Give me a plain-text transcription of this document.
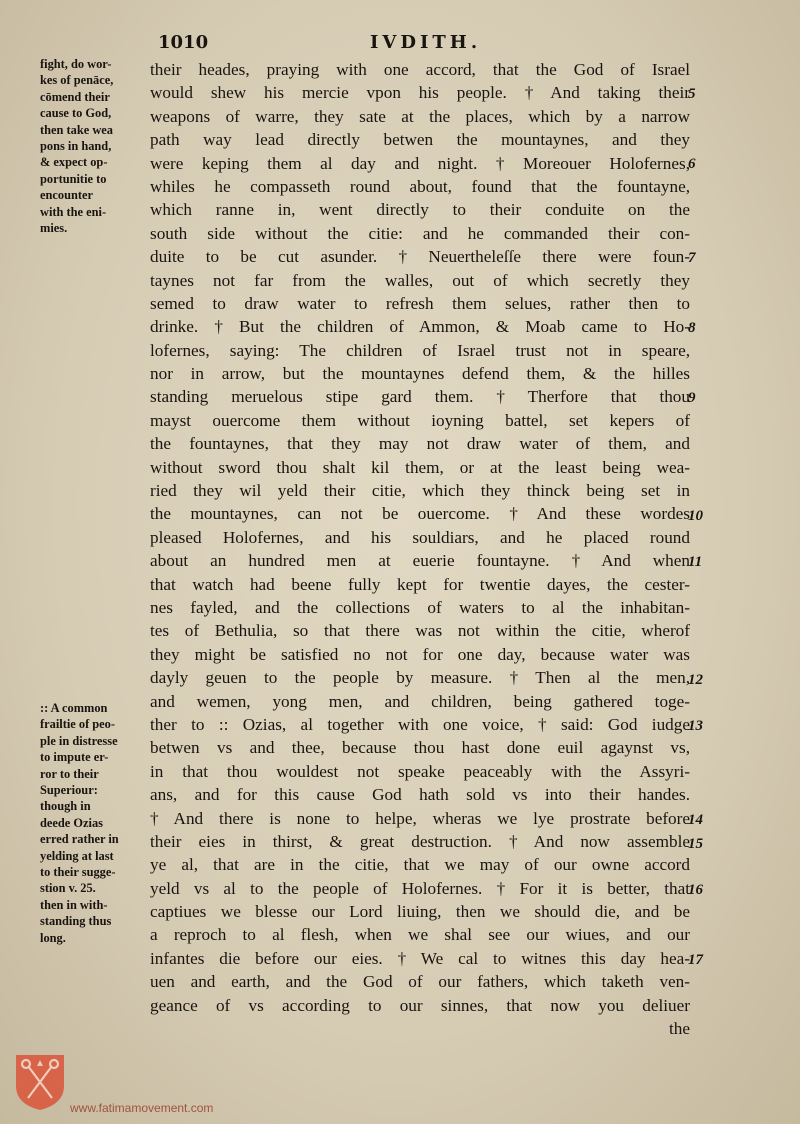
1010	IVDITH.
fight, do wor-
kes of penāce,
cōmend their
cause to God,
then take wea
pons in hand,
& expect op-
portunitie to
encounter
with the eni-
mies.
:: A common
frailtie of peo-
ple in distresse
to impute er-
ror to their
Superiour:
though in
deede Ozias
erred rather in
yelding at last
to their sugge-
stion v. 25.
then in with-
standing thus
long.
their heades, praying with one accord, that the God of Israel
would shew his mercie vpon his people. † And taking their
weapons of warre, they sate at the places, which by a narrow
path way lead directly betwen the mountaynes, and they
were keping them al day and night. † Moreouer Holofernes,
whiles he compasseth round about, found that the fountayne,
which ranne in, went directly to their conduite on the
south side without the citie: and he commanded their con-
duite to be cut asunder. † Neuertheleſſe there were foun-
taynes not far from the walles, out of which secretly they
semed to draw water to refresh them selues, rather then to
drinke. † But the children of Ammon, & Moab came to Ho-
lofernes, saying: The children of Israel trust not in speare,
nor in arrow, but the mountaynes defend them, & the hilles
standing meruelous stipe gard them. † Therfore that thou
mayst ouercome them without ioyning battel, set kepers of
the fountaynes, that they may not draw water of them, and
without sword thou shalt kil them, or at the least being wea-
ried they wil yeld their citie, which they thinck being set in
the mountaynes, can not be ouercome. † And these wordes
pleased Holofernes, and his souldiars, and he placed round
about an hundred men at euerie fountayne. † And when
that watch had beene fully kept for twentie dayes, the cester-
nes fayled, and the collections of waters to al the inhabitan-
tes of Bethulia, so that there was not within the citie, wherof
they might be satisfied no not for one day, because water was
dayly geuen to the people by measure. † Then al the men,
and wemen, yong men, and children, being gathered toge-
ther to :: Ozias, al together with one voice, † said: God iudge
betwen vs and thee, because thou hast done euil agaynst vs,
in that thou wouldest not speake peaceably with the Assyri-
ans, and for this cause God hath sold vs into their handes.
† And there is none to helpe, wheras we lye prostrate before
their eies in thirst, & great destruction. † And now assemble
ye al, that are in the citie, that we may of our owne accord
yeld vs al to the people of Holofernes. † For it is better, that
captiues we blesse our Lord liuing, then we should die, and be
a reproch to al flesh, when we shal see our wiues, and our
infantes die before our eies. † We cal to witnes this day hea-
uen and earth, and the God of our fathers, which taketh ven-
geance of vs according to our sinnes, that now you deliuer
the
5
6
7
8
9
10
11
12
13
14
15
16
17
www.fatimamovement.com
